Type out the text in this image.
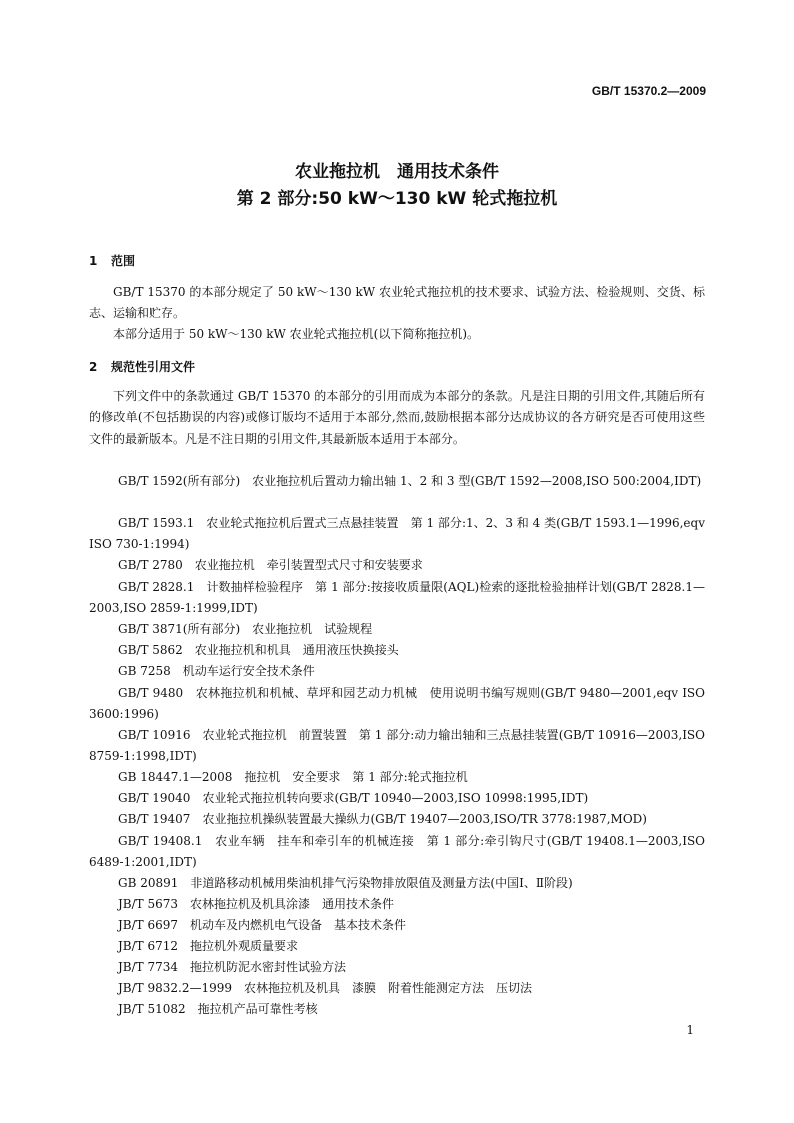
GB/T 15370.2—2009
农业拖拉机　通用技术条件
第 2 部分:50 kW～130 kW 轮式拖拉机
1 范围

GB/T 15370 的本部分规定了 50 kW～130 kW 农业轮式拖拉机的技术要求、试验方法、检验规则、交货、标志、运输和贮存。

本部分适用于 50 kW～130 kW 农业轮式拖拉机(以下简称拖拉机)。

2 规范性引用文件

下列文件中的条款通过 GB/T 15370 的本部分的引用而成为本部分的条款。凡是注日期的引用文件,其随后所有的修改单(不包括勘误的内容)或修订版均不适用于本部分,然而,鼓励根据本部分达成协议的各方研究是否可使用这些文件的最新版本。凡是不注日期的引用文件,其最新版本适用于本部分。

GB/T 1592(所有部分)　农业拖拉机后置动力输出轴 1、2 和 3 型(GB/T 1592—2008,ISO 500:2004,IDT)

GB/T 1593.1　农业轮式拖拉机后置式三点悬挂装置　第 1 部分:1、2、3 和 4 类(GB/T 1593.1—1996,eqv ISO 730-1:1994)

GB/T 2780　农业拖拉机　牵引装置型式尺寸和安装要求

GB/T 2828.1　计数抽样检验程序　第 1 部分:按接收质量限(AQL)检索的逐批检验抽样计划(GB/T 2828.1—2003,ISO 2859-1:1999,IDT)

GB/T 3871(所有部分)　农业拖拉机　试验规程

GB/T 5862　农业拖拉机和机具　通用液压快换接头

GB 7258　机动车运行安全技术条件

GB/T 9480　农林拖拉机和机械、草坪和园艺动力机械　使用说明书编写规则(GB/T 9480—2001,eqv ISO 3600:1996)

GB/T 10916　农业轮式拖拉机　前置装置　第 1 部分:动力输出轴和三点悬挂装置(GB/T 10916—2003,ISO 8759-1:1998,IDT)

GB 18447.1—2008　拖拉机　安全要求　第 1 部分:轮式拖拉机

GB/T 19040　农业轮式拖拉机转向要求(GB/T 10940—2003,ISO 10998:1995,IDT)

GB/T 19407　农业拖拉机操纵装置最大操纵力(GB/T 19407—2003,ISO/TR 3778:1987,MOD)

GB/T 19408.1　农业车辆　挂车和牵引车的机械连接　第 1 部分:牵引钩尺寸(GB/T 19408.1—2003,ISO 6489-1:2001,IDT)

GB 20891　非道路移动机械用柴油机排气污染物排放限值及测量方法(中国Ⅰ、Ⅱ阶段)

JB/T 5673　农林拖拉机及机具涂漆　通用技术条件

JB/T 6697　机动车及内燃机电气设备　基本技术条件

JB/T 6712　拖拉机外观质量要求

JB/T 7734　拖拉机防泥水密封性试验方法

JB/T 9832.2—1999　农林拖拉机及机具　漆膜　附着性能测定方法　压切法

JB/T 51082　拖拉机产品可靠性考核

1
